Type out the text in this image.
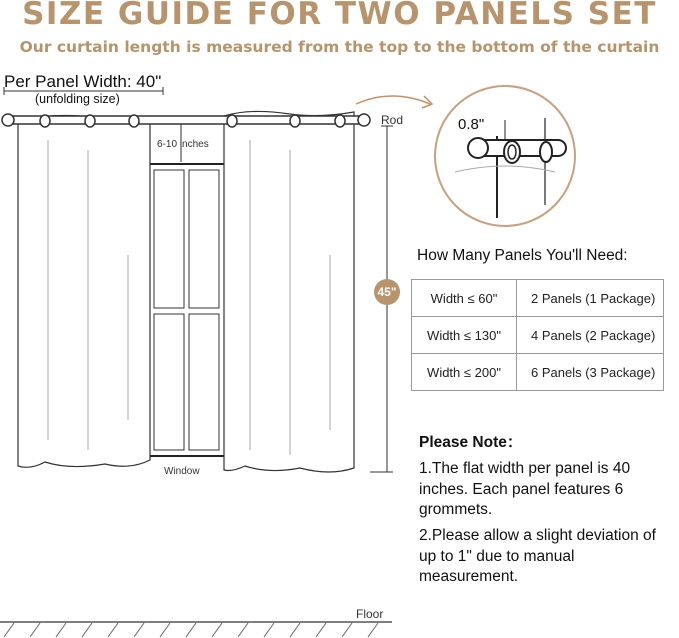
SIZE GUIDE FOR TWO PANELS SET
Our curtain length is measured from the top to the bottom of the curtain
Per Panel Width: 40"
(unfolding size)
6-10 inches
Rod
Window
Floor
45"
0.8"
How Many Panels You'll Need:
Width ≤ 60"	2 Panels (1 Package)
Width ≤ 130"	4 Panels (2 Package)
Width ≤ 200"	6 Panels (3 Package)
Please Note：

1.The flat width per panel is 40 inches. Each panel features 6 grommets.

2.Please allow a slight deviation of up to 1" due to manual measurement.
